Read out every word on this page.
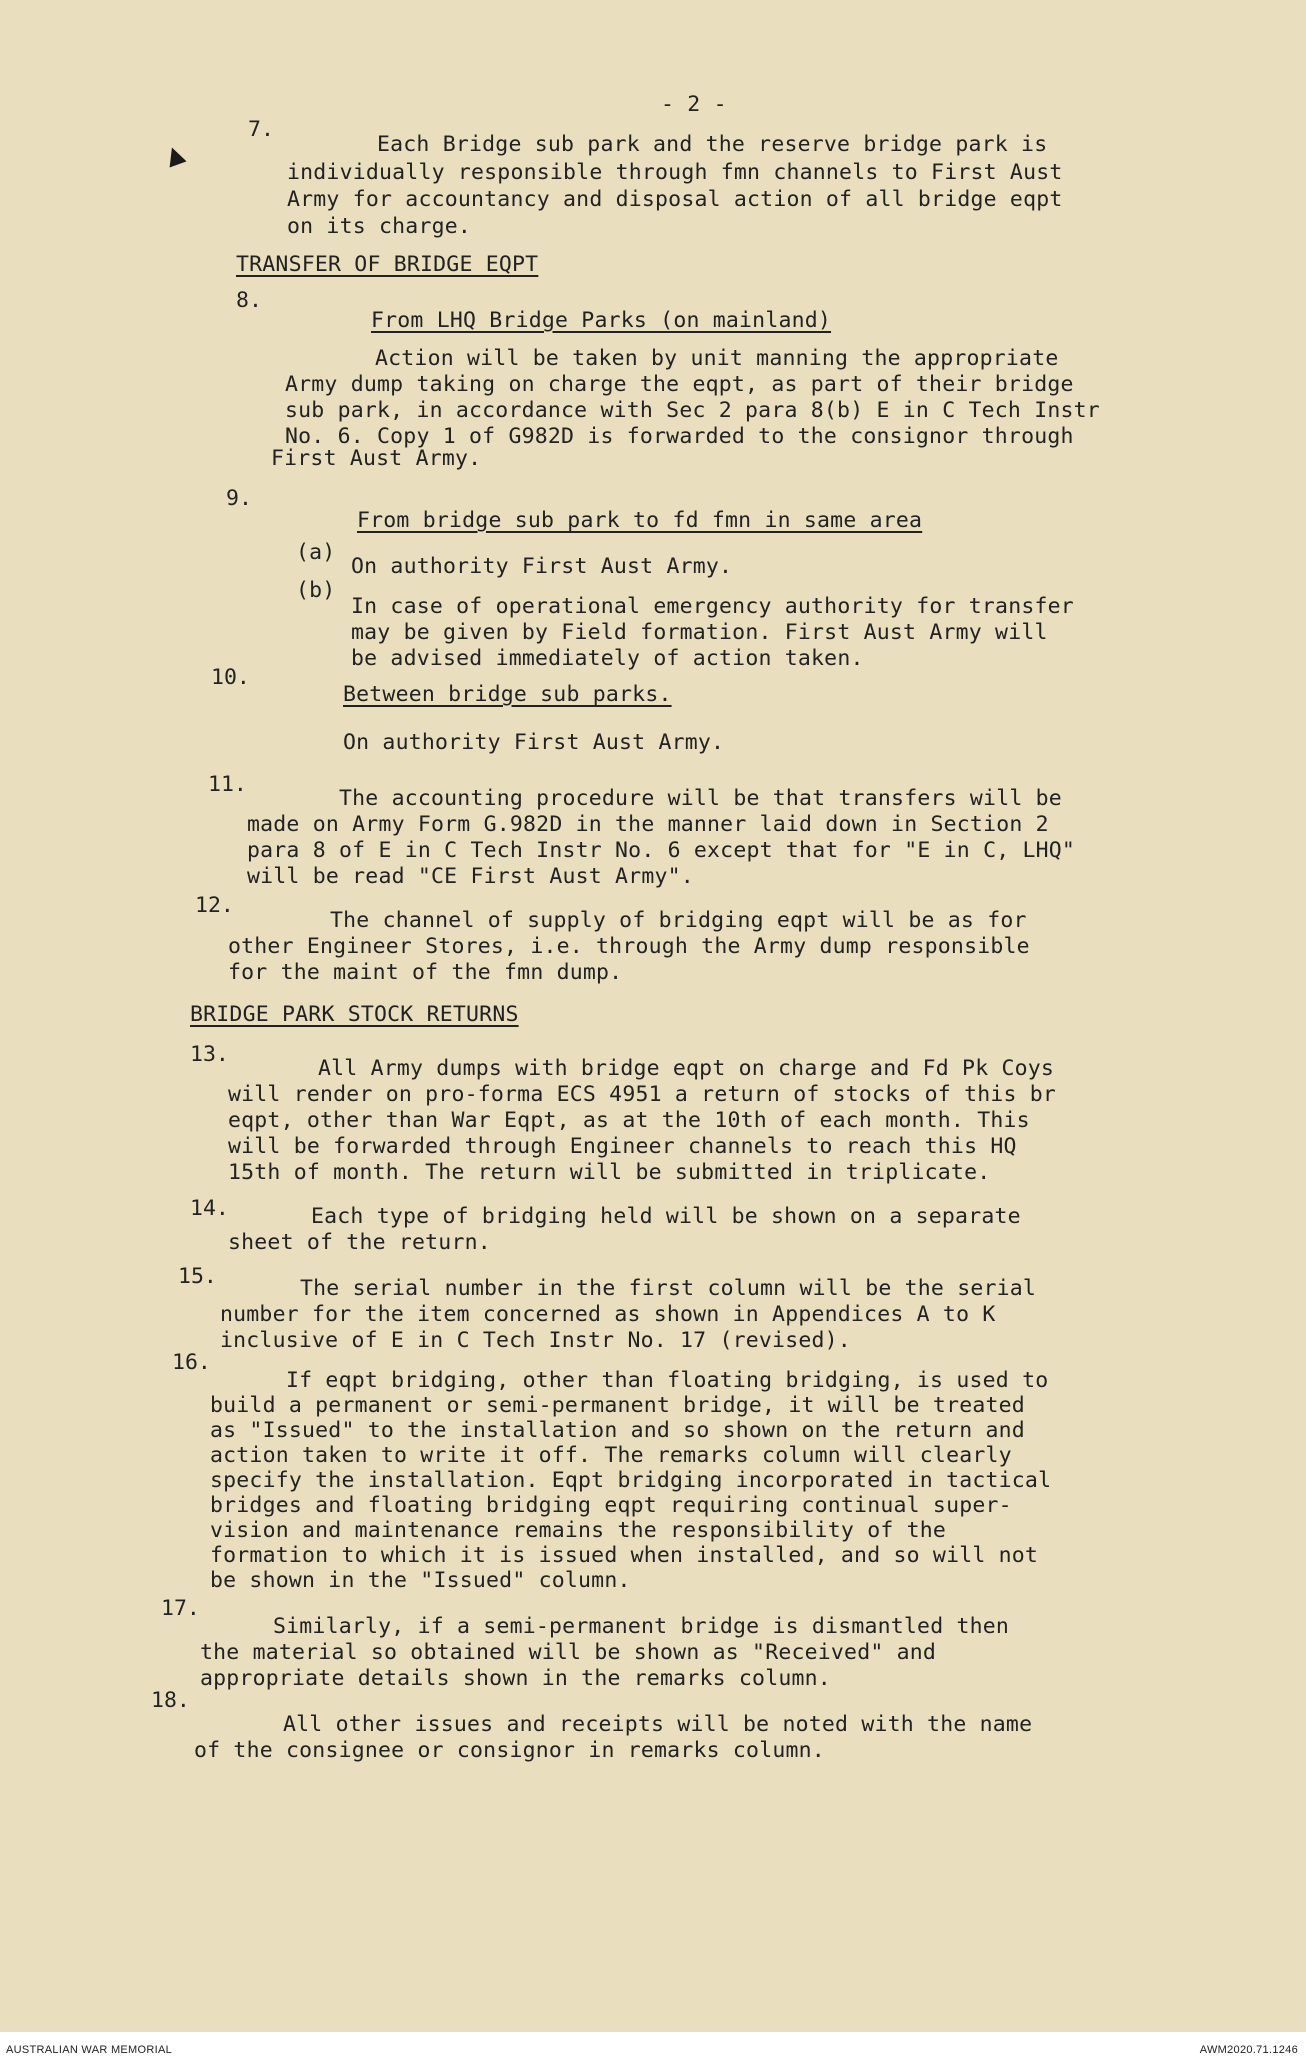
- 2 -
7.
Each Bridge sub park and the reserve bridge park is
individually responsible through fmn channels to First Aust
Army for accountancy and disposal action of all bridge eqpt
on its charge.
TRANSFER OF BRIDGE EQPT
8.
From LHQ Bridge Parks (on mainland)
Action will be taken by unit manning the appropriate
Army dump taking on charge the eqpt, as part of their bridge
sub park, in accordance with Sec 2 para 8(b) E in C Tech Instr
No. 6. Copy 1 of G982D is forwarded to the consignor through
First Aust Army.
9.
From bridge sub park to fd fmn in same area
(a)
On authority First Aust Army.
(b)
In case of operational emergency authority for transfer
may be given by Field formation. First Aust Army will
be advised immediately of action taken.
10.
Between bridge sub parks.
On authority First Aust Army.
11.
The accounting procedure will be that transfers will be
made on Army Form G.982D in the manner laid down in Section 2
para 8 of E in C Tech Instr No. 6 except that for "E in C, LHQ"
will be read "CE First Aust Army".
12.
The channel of supply of bridging eqpt will be as for
other Engineer Stores, i.e. through the Army dump responsible
for the maint of the fmn dump.
BRIDGE PARK STOCK RETURNS
13.
All Army dumps with bridge eqpt on charge and Fd Pk Coys
will render on pro-forma ECS 4951 a return of stocks of this br
eqpt, other than War Eqpt, as at the 10th of each month. This
will be forwarded through Engineer channels to reach this HQ
15th of month. The return will be submitted in triplicate.
14.	Each type of bridging held will be shown on a separate
sheet of the return.
15.	The serial number in the first column will be the serial
number for the item concerned as shown in Appendices A to K
inclusive of E in C Tech Instr No. 17 (revised).
16.
If eqpt bridging, other than floating bridging, is used to
build a permanent or semi-permanent bridge, it will be treated
as "Issued" to the installation and so shown on the return and
action taken to write it off. The remarks column will clearly
specify the installation. Eqpt bridging incorporated in tactical
bridges and floating bridging eqpt requiring continual super-
vision and maintenance remains the responsibility of the
formation to which it is issued when installed, and so will not
be shown in the "Issued" column.
17.
Similarly, if a semi-permanent bridge is dismantled then
the material so obtained will be shown as "Received" and
appropriate details shown in the remarks column.
18.
All other issues and receipts will be noted with the name
of the consignee or consignor in remarks column.
AUSTRALIAN WAR MEMORIAL	AWM2020.71.1246
